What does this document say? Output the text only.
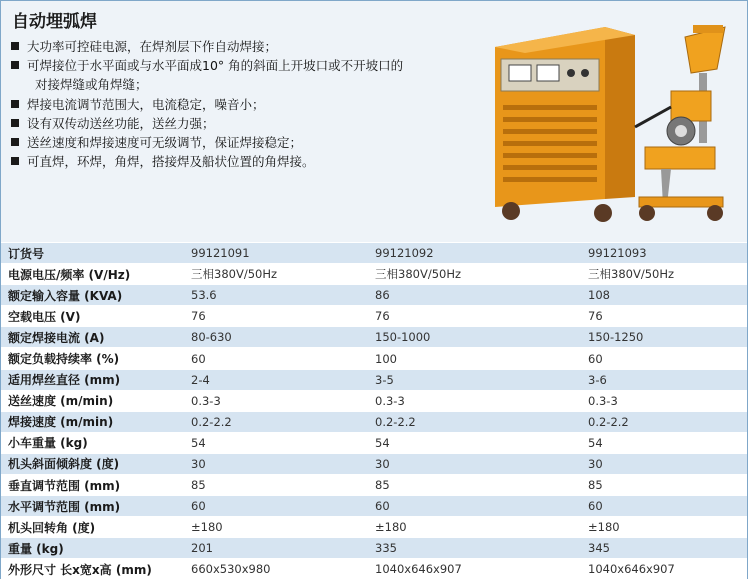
自动埋弧焊
大功率可控硅电源，在焊剂层下作自动焊接；
可焊接位于水平面或与水平面成10° 角的斜面上开坡口或不开坡口的
对接焊缝或角焊缝；
焊接电流调节范围大，电流稳定，噪音小；
设有双传动送丝功能，送丝力强；
送丝速度和焊接速度可无级调节，保证焊接稳定；
可直焊，环焊，角焊，搭接焊及船状位置的角焊接。
订货号	99121091	99121092	99121093
电源电压/频率 (V/Hz)	三相380V/50Hz	三相380V/50Hz	三相380V/50Hz
额定输入容量 (KVA)	53.6	86	108
空载电压 (V)	76	76	76
额定焊接电流 (A)	80-630	150-1000	150-1250
额定负载持续率 (%)	60	100	60
适用焊丝直径 (mm)	2-4	3-5	3-6
送丝速度 (m/min)	0.3-3	0.3-3	0.3-3
焊接速度 (m/min)	0.2-2.2	0.2-2.2	0.2-2.2
小车重量 (kg)	54	54	54
机头斜面倾斜度 (度)	30	30	30
垂直调节范围 (mm)	85	85	85
水平调节范围 (mm)	60	60	60
机头回转角 (度)	±180	±180	±180
重量 (kg)	201	335	345
外形尺寸 长x宽x高 (mm)	660x530x980	1040x646x907	1040x646x907
